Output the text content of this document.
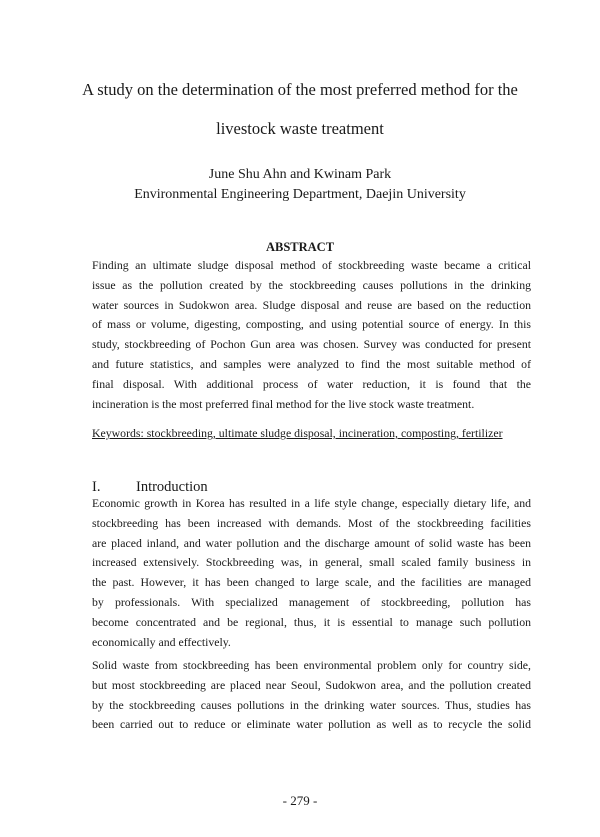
A study on the determination of the most preferred method for the
livestock waste treatment
June Shu Ahn and Kwinam Park
Environmental Engineering Department, Daejin University
ABSTRACT
Finding an ultimate sludge disposal method of stockbreeding waste became a critical
issue as the pollution created by the stockbreeding causes pollutions in the drinking
water sources in Sudokwon area. Sludge disposal and reuse are based on the reduction
of mass or volume, digesting, composting, and using potential source of energy. In this
study, stockbreeding of Pochon Gun area was chosen. Survey was conducted for present
and future statistics, and samples were analyzed to find the most suitable method of
final disposal. With additional process of water reduction, it is found that the
incineration is the most preferred final method for the live stock waste treatment.
Keywords: stockbreeding, ultimate sludge disposal, incineration, composting, fertilizer
I. Introduction
Economic growth in Korea has resulted in a life style change, especially dietary life, and
stockbreeding has been increased with demands. Most of the stockbreeding facilities
are placed inland, and water pollution and the discharge amount of solid waste has been
increased extensively. Stockbreeding was, in general, small scaled family business in
the past. However, it has been changed to large scale, and the facilities are managed
by professionals. With specialized management of stockbreeding, pollution has
become concentrated and be regional, thus, it is essential to manage such pollution
economically and effectively.
Solid waste from stockbreeding has been environmental problem only for country side,
but most stockbreeding are placed near Seoul, Sudokwon area, and the pollution created
by the stockbreeding causes pollutions in the drinking water sources. Thus, studies has
been carried out to reduce or eliminate water pollution as well as to recycle the solid
- 279 -
